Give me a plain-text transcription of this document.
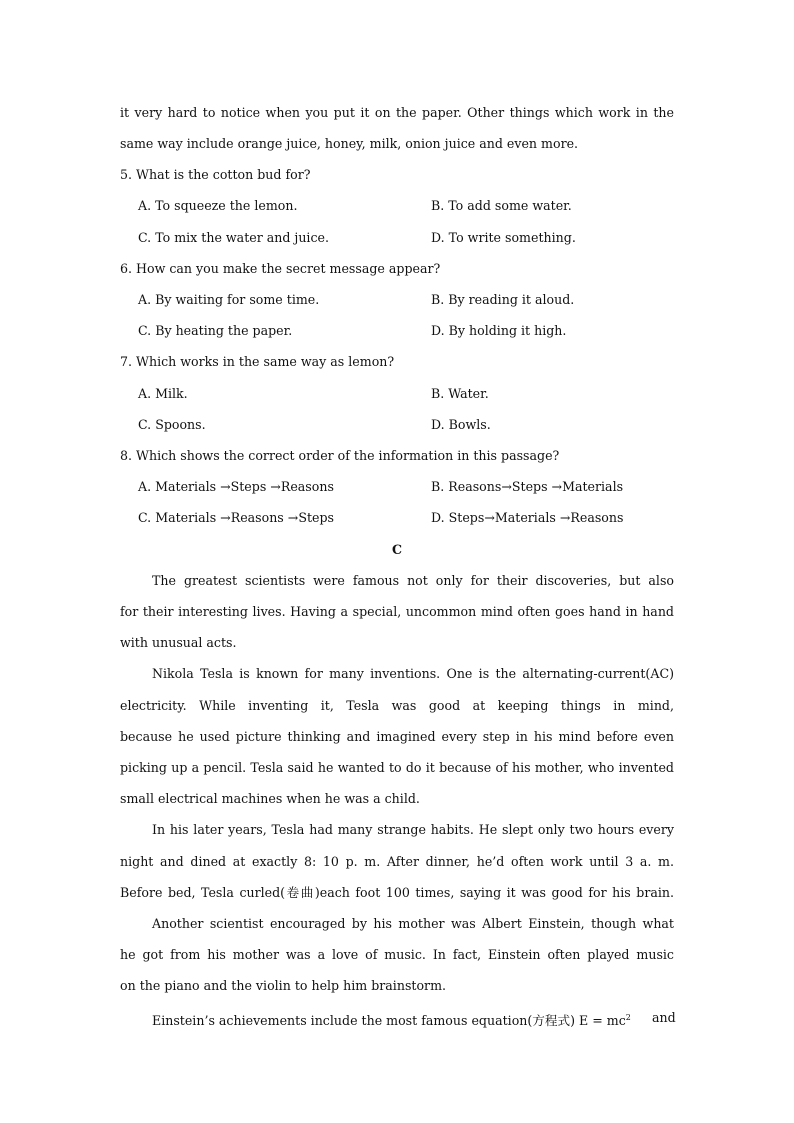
it very hard to notice when you put it on the paper. Other things which work in the
same way include orange juice, honey, milk, onion juice and even more.
5. What is the cotton bud for?
A. To squeeze the lemon.	B. To add some water.
C. To mix the water and juice.	D. To write something.
6. How can you make the secret message appear?
A. By waiting for some time.	B. By reading it aloud.
C. By heating the paper.	D. By holding it high.
7. Which works in the same way as lemon?
A. Milk.	B. Water.
C. Spoons.	D. Bowls.
8. Which shows the correct order of the information in this passage?
A. Materials →Steps →Reasons	B. Reasons→Steps →Materials
C. Materials →Reasons →Steps	D. Steps→Materials →Reasons
C
The greatest scientists were famous not only for their discoveries, but also
for their interesting lives. Having a special, uncommon mind often goes hand in hand
with unusual acts.
Nikola Tesla is known for many inventions. One is the alternating-current(AC)
electricity. While inventing it, Tesla was good at keeping things in mind,
because he used picture thinking and imagined every step in his mind before even
picking up a pencil. Tesla said he wanted to do it because of his mother, who invented
small electrical machines when he was a child.
In his later years, Tesla had many strange habits. He slept only two hours every
night and dined at exactly 8: 10 p. m. After dinner, he’d often work until 3 a. m.
Before bed, Tesla curled(卷曲)each foot 100 times, saying it was good for his brain.
Another scientist encouraged by his mother was Albert Einstein, though what
he got from his mother was a love of music. In fact, Einstein often played music
on the piano and the violin to help him brainstorm.
Einstein’s achievements include the most famous equation(方程式) $E = mc^2$ and
